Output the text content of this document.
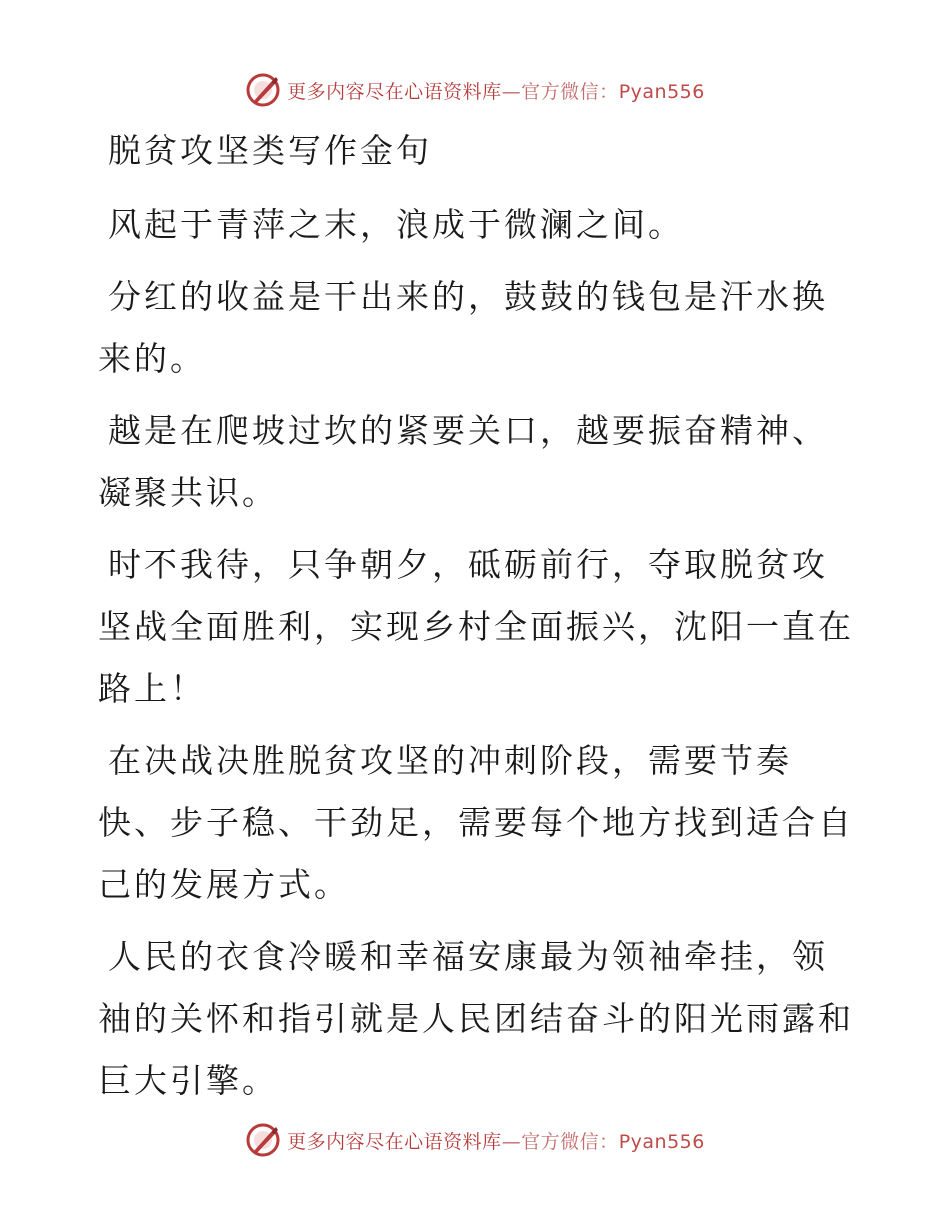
更多内容尽在心语资料库—官方微信：Pyan556
脱贫攻坚类写作金句
风起于青萍之末，浪成于微澜之间。
分红的收益是干出来的，鼓鼓的钱包是汗水换来的。
越是在爬坡过坎的紧要关口，越要振奋精神、凝聚共识。
时不我待，只争朝夕，砥砺前行，夺取脱贫攻坚战全面胜利，实现乡村全面振兴，沈阳一直在路上！
在决战决胜脱贫攻坚的冲刺阶段，需要节奏快、步子稳、干劲足，需要每个地方找到适合自己的发展方式。
人民的衣食冷暖和幸福安康最为领袖牵挂，领袖的关怀和指引就是人民团结奋斗的阳光雨露和巨大引擎。
更多内容尽在心语资料库—官方微信：Pyan556
